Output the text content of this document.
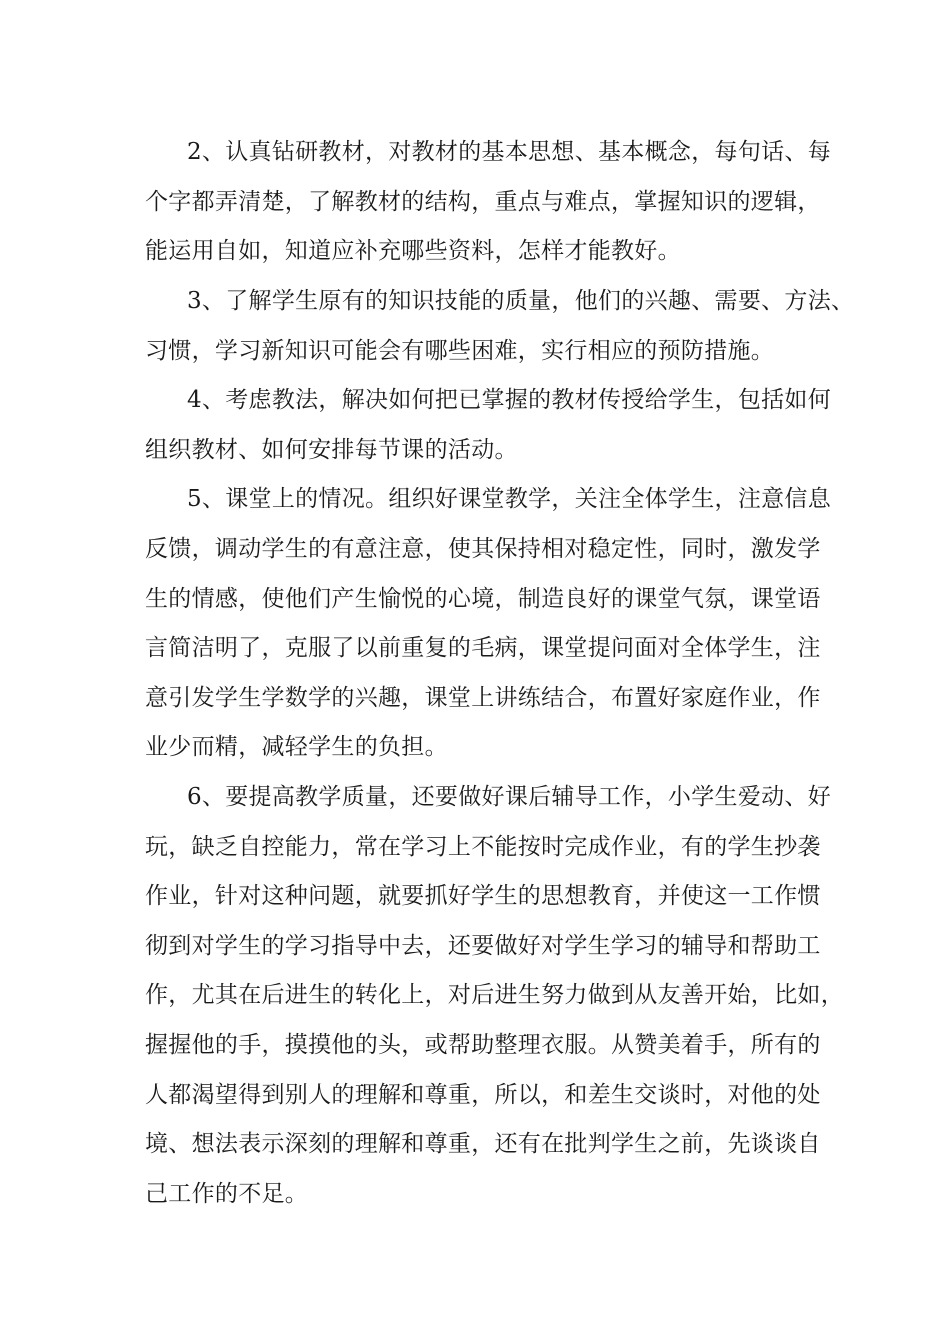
2、认真钻研教材，对教材的基本思想、基本概念，每句话、每
个字都弄清楚，了解教材的结构，重点与难点，掌握知识的逻辑，
能运用自如，知道应补充哪些资料，怎样才能教好。
3、了解学生原有的知识技能的质量，他们的兴趣、需要、方法、
习惯，学习新知识可能会有哪些困难，实行相应的预防措施。
4、考虑教法，解决如何把已掌握的教材传授给学生，包括如何
组织教材、如何安排每节课的活动。
5、课堂上的情况。组织好课堂教学，关注全体学生，注意信息
反馈，调动学生的有意注意，使其保持相对稳定性，同时，激发学
生的情感，使他们产生愉悦的心境，制造良好的课堂气氛，课堂语
言简洁明了，克服了以前重复的毛病，课堂提问面对全体学生，注
意引发学生学数学的兴趣，课堂上讲练结合，布置好家庭作业，作
业少而精，减轻学生的负担。
6、要提高教学质量，还要做好课后辅导工作，小学生爱动、好
玩，缺乏自控能力，常在学习上不能按时完成作业，有的学生抄袭
作业，针对这种问题，就要抓好学生的思想教育，并使这一工作惯
彻到对学生的学习指导中去，还要做好对学生学习的辅导和帮助工
作，尤其在后进生的转化上，对后进生努力做到从友善开始，比如，
握握他的手，摸摸他的头，或帮助整理衣服。从赞美着手，所有的
人都渴望得到别人的理解和尊重，所以，和差生交谈时，对他的处
境、想法表示深刻的理解和尊重，还有在批判学生之前，先谈谈自
己工作的不足。
